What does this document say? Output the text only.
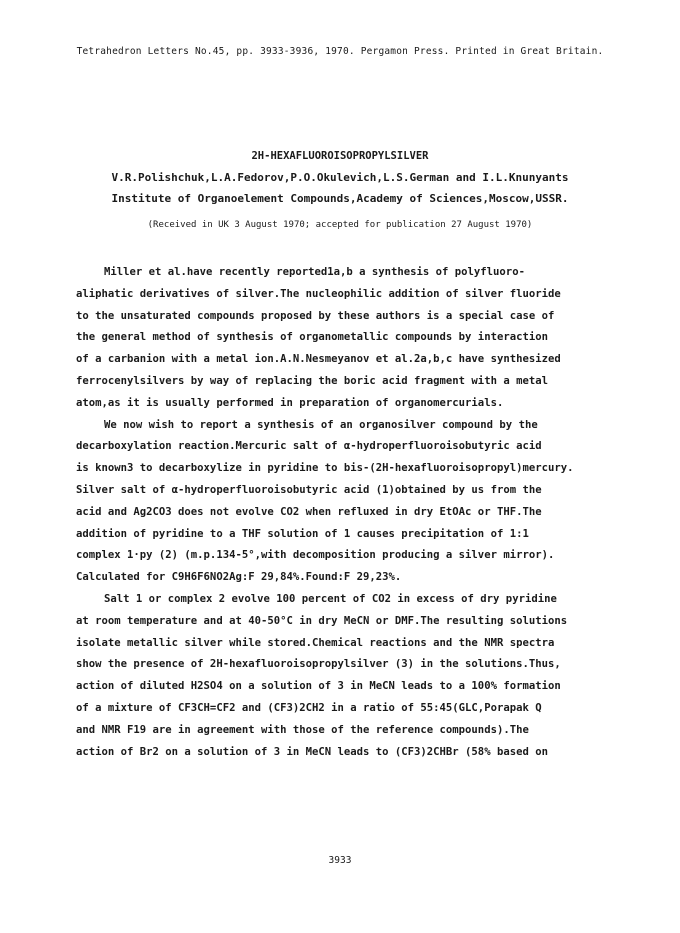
Tetrahedron Letters No.45, pp. 3933-3936, 1970. Pergamon Press. Printed in Great Britain.
2H-HEXAFLUOROISOPROPYLSILVER
V.R.Polishchuk,L.A.Fedorov,P.O.Okulevich,L.S.German and I.L.Knunyants
Institute of Organoelement Compounds,Academy of Sciences,Moscow,USSR.
(Received in UK 3 August 1970; accepted for publication 27 August 1970)
Miller et al.have recently reported1a,b a synthesis of polyfluoro-
aliphatic derivatives of silver.The nucleophilic addition of silver fluoride
to the unsaturated compounds proposed by these authors is a special case of
the general method of synthesis of organometallic compounds by interaction
of a carbanion with a metal ion.A.N.Nesmeyanov et al.2a,b,c have synthesized
ferrocenylsilvers by way of replacing the boric acid fragment with a metal
atom,as it is usually performed in preparation of organomercurials.
We now wish to report a synthesis of an organosilver compound by the
decarboxylation reaction.Mercuric salt of α-hydroperfluoroisobutyric acid
is known3 to decarboxylize in pyridine to bis-(2H-hexafluoroisopropyl)mercury.
Silver salt of α-hydroperfluoroisobutyric acid (1)obtained by us from the
acid and Ag2CO3 does not evolve CO2 when refluxed in dry EtOAc or THF.The
addition of pyridine to a THF solution of 1 causes precipitation of 1:1
complex 1·py (2) (m.p.134-5°,with decomposition producing a silver mirror).
Calculated for C9H6F6NO2Ag:F 29,84%.Found:F 29,23%.
Salt 1 or complex 2 evolve 100 percent of CO2 in excess of dry pyridine
at room temperature and at 40-50°C in dry MeCN or DMF.The resulting solutions
isolate metallic silver while stored.Chemical reactions and the NMR spectra
show the presence of 2H-hexafluoroisopropylsilver (3) in the solutions.Thus,
action of diluted H2SO4 on a solution of 3 in MeCN leads to a 100% formation
of a mixture of CF3CH=CF2 and (CF3)2CH2 in a ratio of 55:45(GLC,Porapak Q
and NMR F19 are in agreement with those of the reference compounds).The
action of Br2 on a solution of 3 in MeCN leads to (CF3)2CHBr (58% based on
3933
